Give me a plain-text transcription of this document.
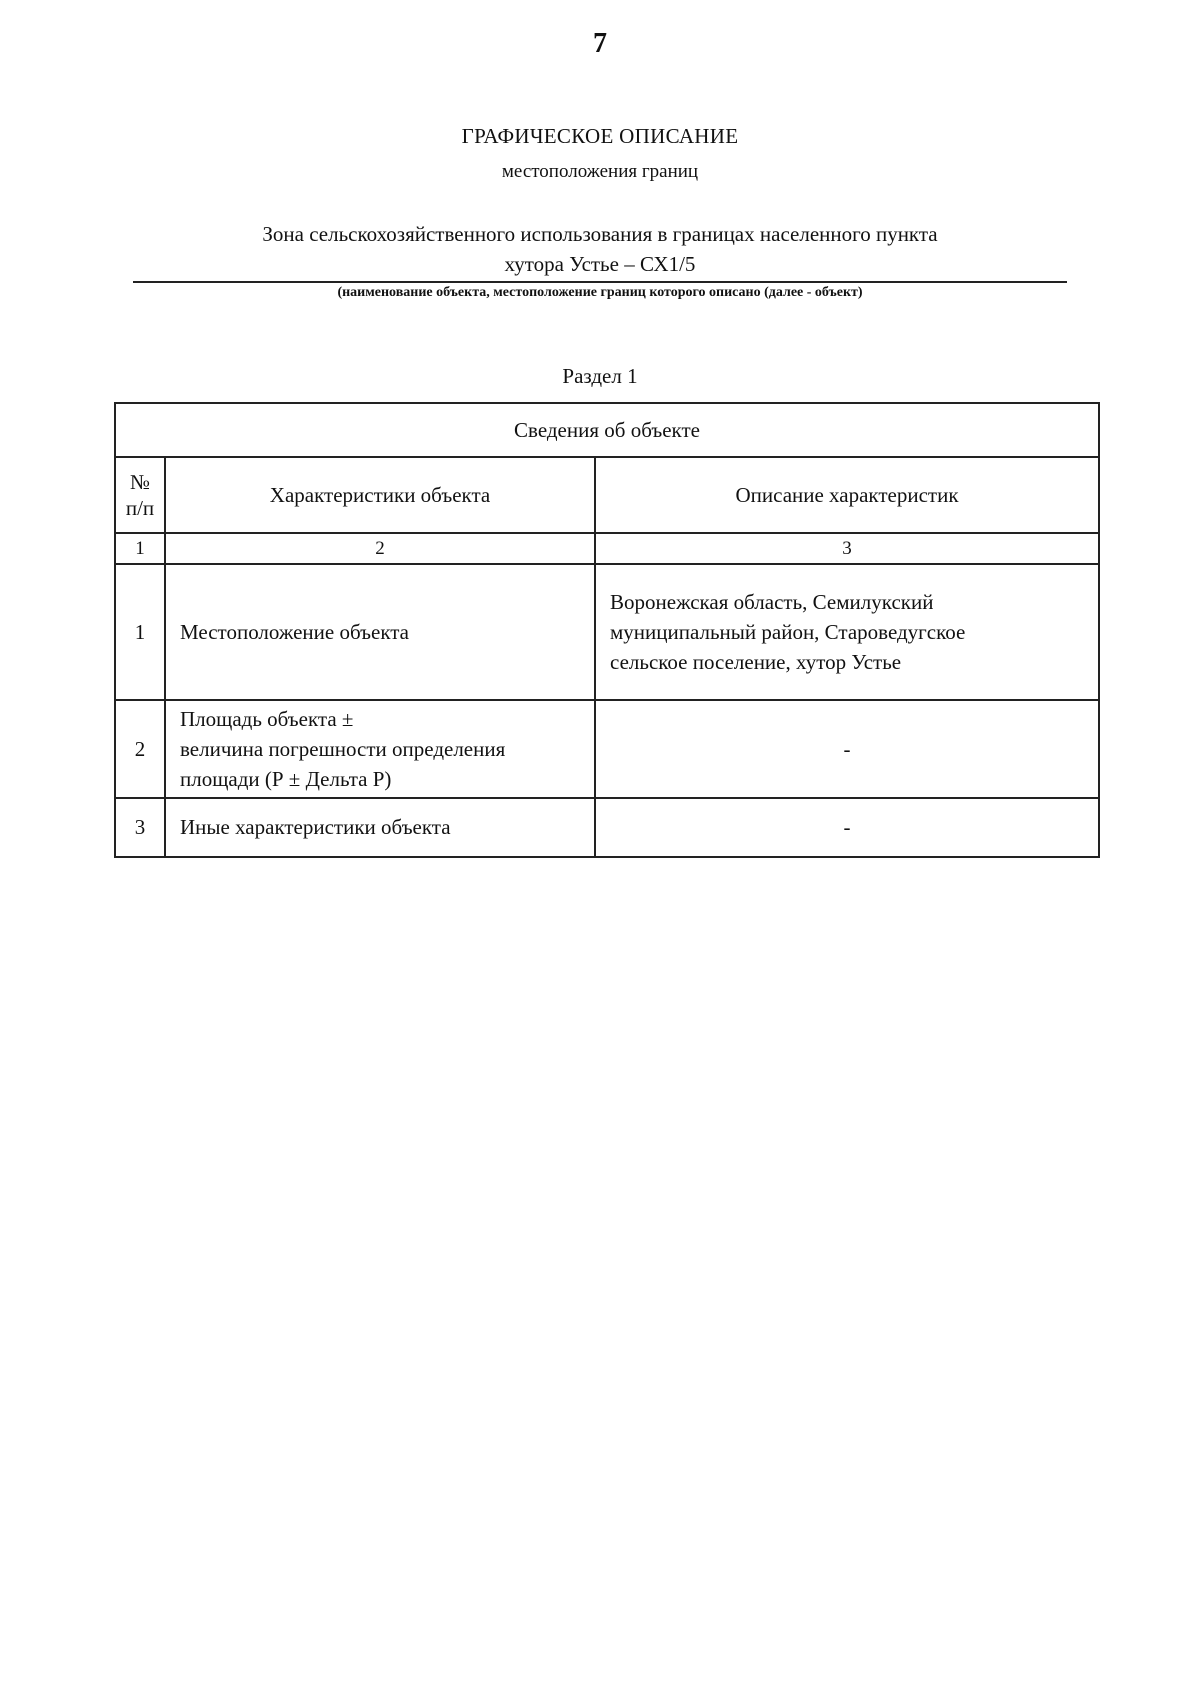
7
ГРАФИЧЕСКОЕ ОПИСАНИЕ
местоположения границ
Зона сельскохозяйственного использования в границах населенного пункта
хутора Устье – СХ1/5
(наименование объекта, местоположение границ которого описано (далее - объект)
Раздел 1
Сведения об объекте		

№
п/п	Характеристики объекта	Описание характеристик
1	2	3
1	Местоположение объекта	Воронежская область, Семилукский
муниципальный район, Староведугское
сельское поселение, хутор Устье

2	Площадь объекта ±
величина погрешности определения
площади (Р ± Дельта Р)	-
3	Иные характеристики объекта	-
